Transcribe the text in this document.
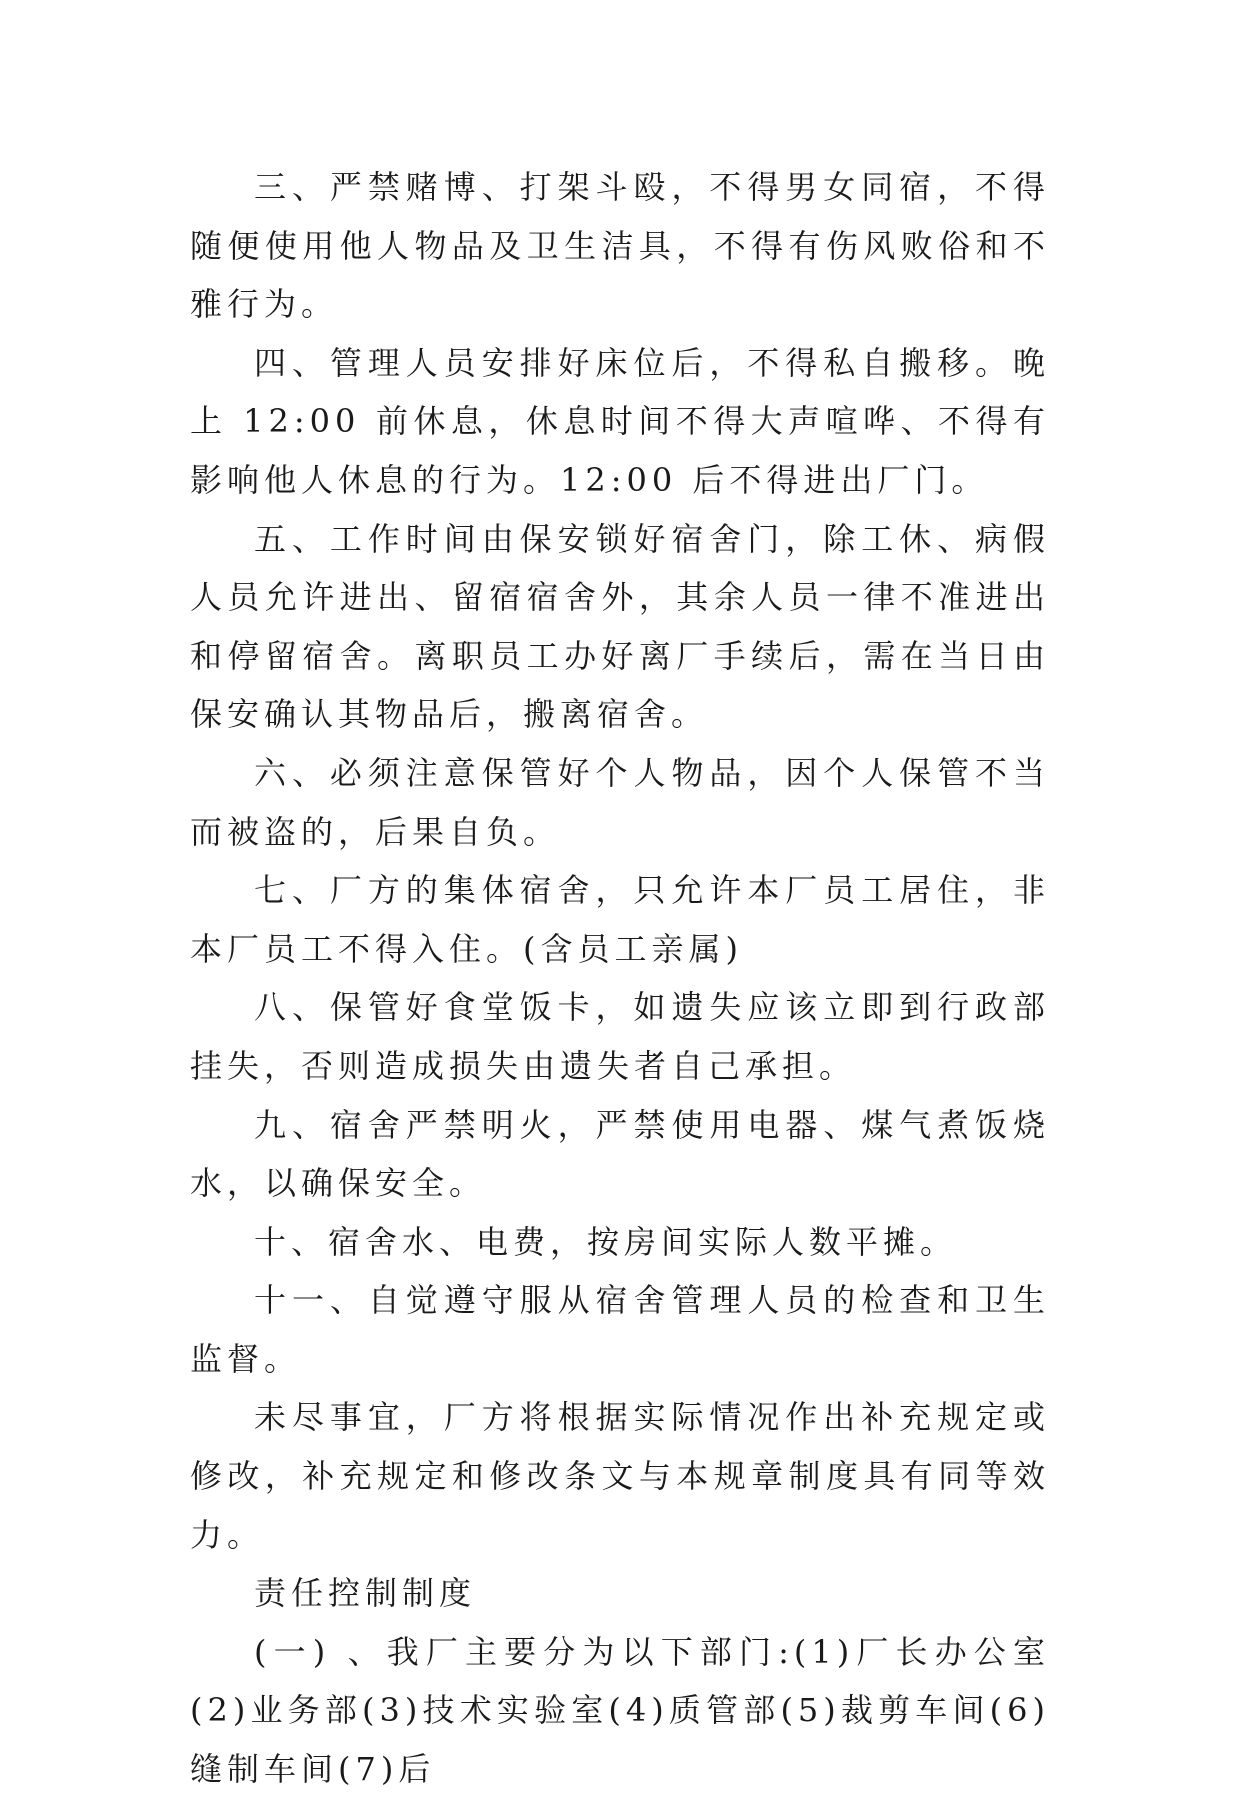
三、严禁赌博、打架斗殴，不得男女同宿，不得随便使用他人物品及卫生洁具，不得有伤风败俗和不雅行为。

四、管理人员安排好床位后，不得私自搬移。晚上 12:00 前休息，休息时间不得大声喧哗、不得有影响他人休息的行为。12:00 后不得进出厂门。

五、工作时间由保安锁好宿舍门，除工休、病假人员允许进出、留宿宿舍外，其余人员一律不准进出和停留宿舍。离职员工办好离厂手续后，需在当日由保安确认其物品后，搬离宿舍。

六、必须注意保管好个人物品，因个人保管不当而被盗的，后果自负。

七、厂方的集体宿舍，只允许本厂员工居住，非本厂员工不得入住。(含员工亲属)

八、保管好食堂饭卡，如遗失应该立即到行政部挂失，否则造成损失由遗失者自己承担。

九、宿舍严禁明火，严禁使用电器、煤气煮饭烧水，以确保安全。

十、宿舍水、电费，按房间实际人数平摊。

十一、自觉遵守服从宿舍管理人员的检查和卫生监督。

未尽事宜，厂方将根据实际情况作出补充规定或修改，补充规定和修改条文与本规章制度具有同等效力。

责任控制制度

(一) 、我厂主要分为以下部门:(1)厂长办公室(2)业务部(3)技术实验室(4)质管部(5)裁剪车间(6)缝制车间(7)后
